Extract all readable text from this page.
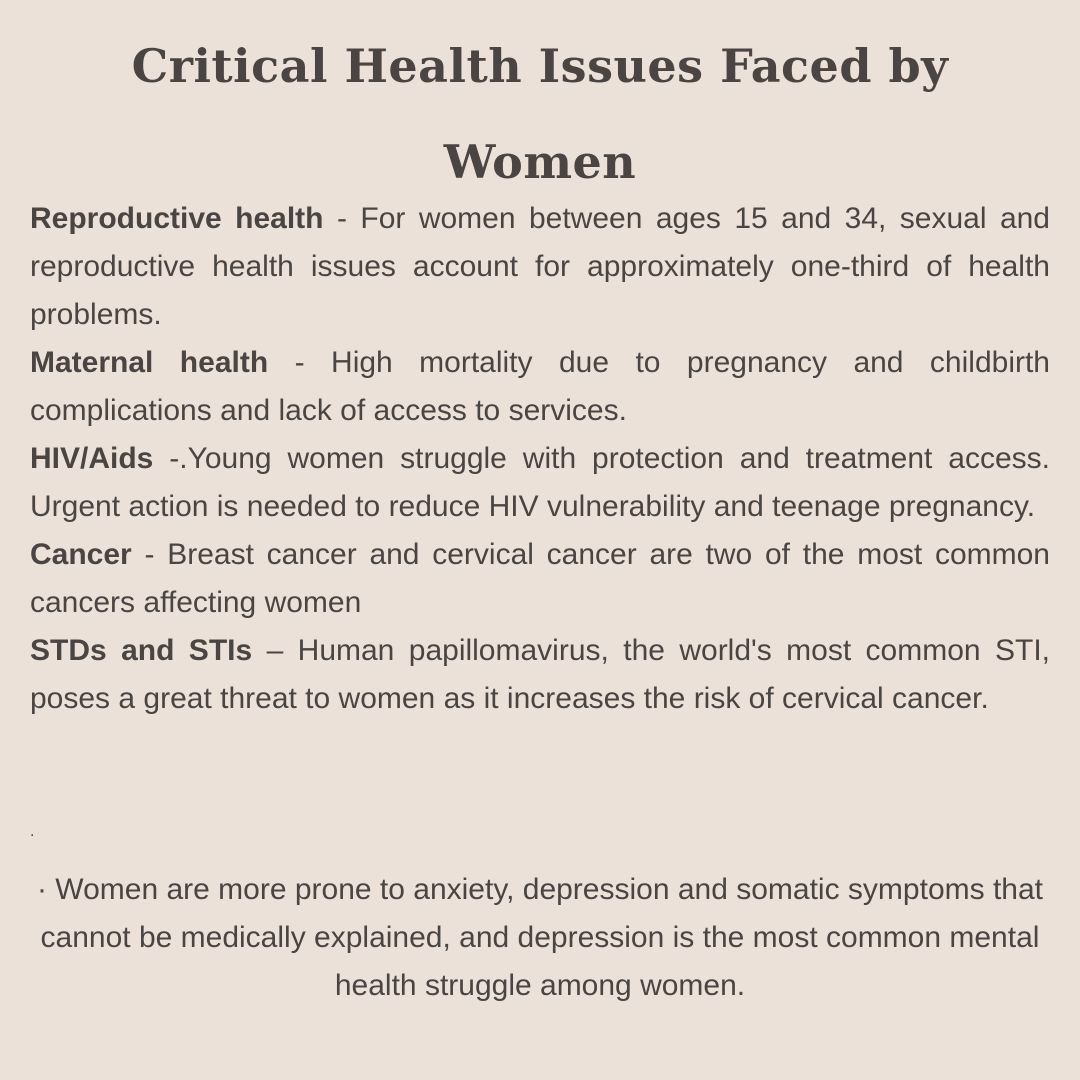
Critical Health Issues Faced by Women
Reproductive health - For women between ages 15 and 34, sexual and reproductive health issues account for approximately one-third of health problems.
Maternal health - High mortality due to pregnancy and childbirth complications and lack of access to services.
HIV/Aids -.Young women struggle with protection and treatment access. Urgent action is needed to reduce HIV vulnerability and teenage pregnancy.
Cancer - Breast cancer and cervical cancer are two of the most common cancers affecting women
STDs and STIs – Human papillomavirus, the world's most common STI, poses a great threat to women as it increases the risk of cervical cancer.
.

· Women are more prone to anxiety, depression and somatic symptoms that cannot be medically explained, and depression is the most common mental health struggle among women.
